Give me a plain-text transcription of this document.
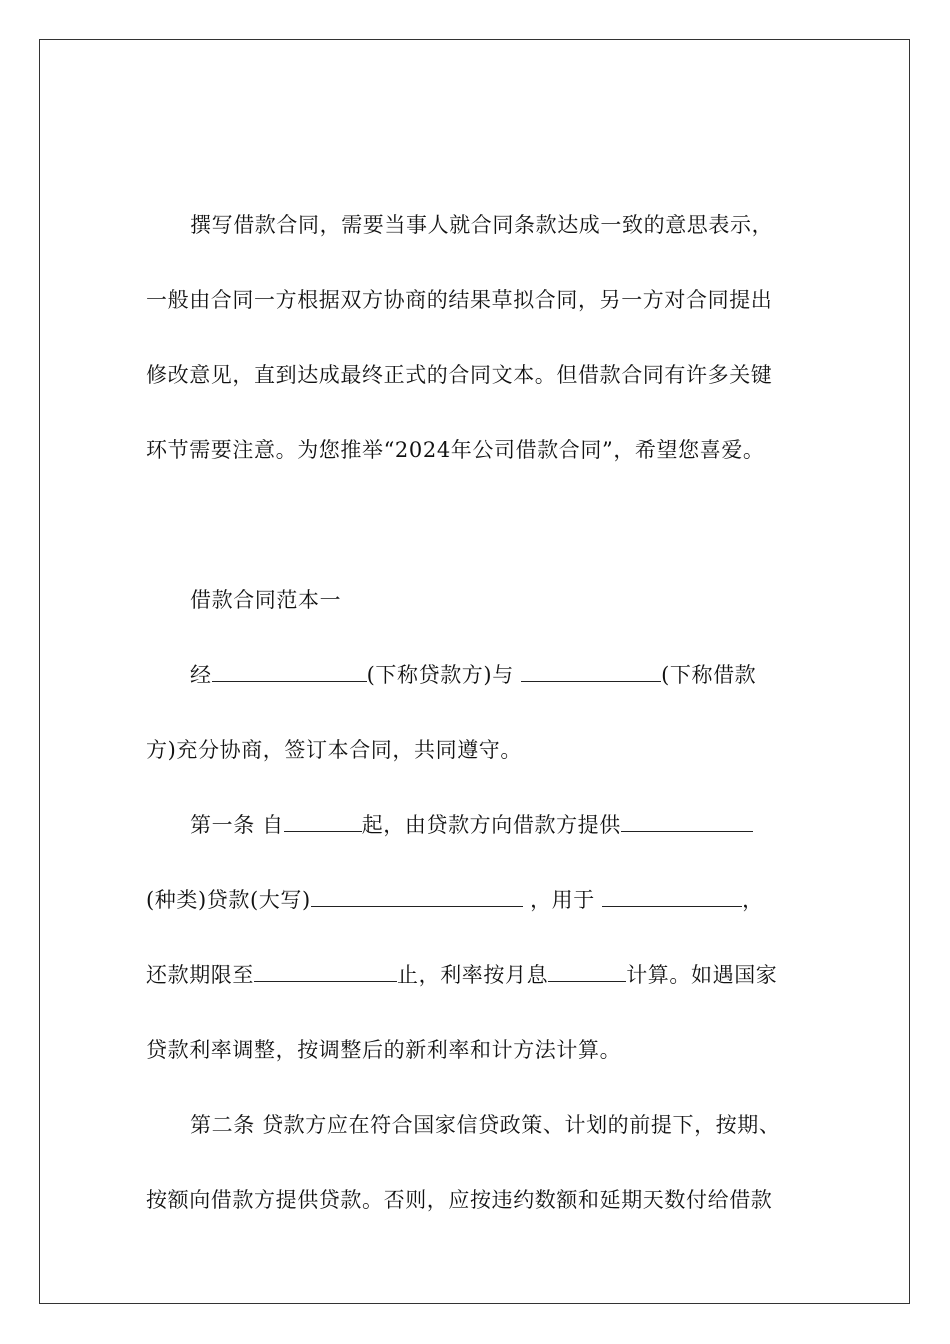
撰写借款合同，需要当事人就合同条款达成一致的意思表示，
一般由合同一方根据双方协商的结果草拟合同，另一方对合同提出
修改意见，直到达成最终正式的合同文本。但借款合同有许多关键
环节需要注意。为您推举“2024年公司借款合同”，希望您喜爱。
借款合同范本一
经	(下称贷款方)与	(下称借款
方)充分协商，签订本合同，共同遵守。
第一条 自	起，由贷款方向借款方提供
(种类)贷款(大写)	，用于	，
还款期限至	止，利率按月息	计算。如遇国家
贷款利率调整，按调整后的新利率和计方法计算。
第二条 贷款方应在符合国家信贷政策、计划的前提下，按期、
按额向借款方提供贷款。否则，应按违约数额和延期天数付给借款
